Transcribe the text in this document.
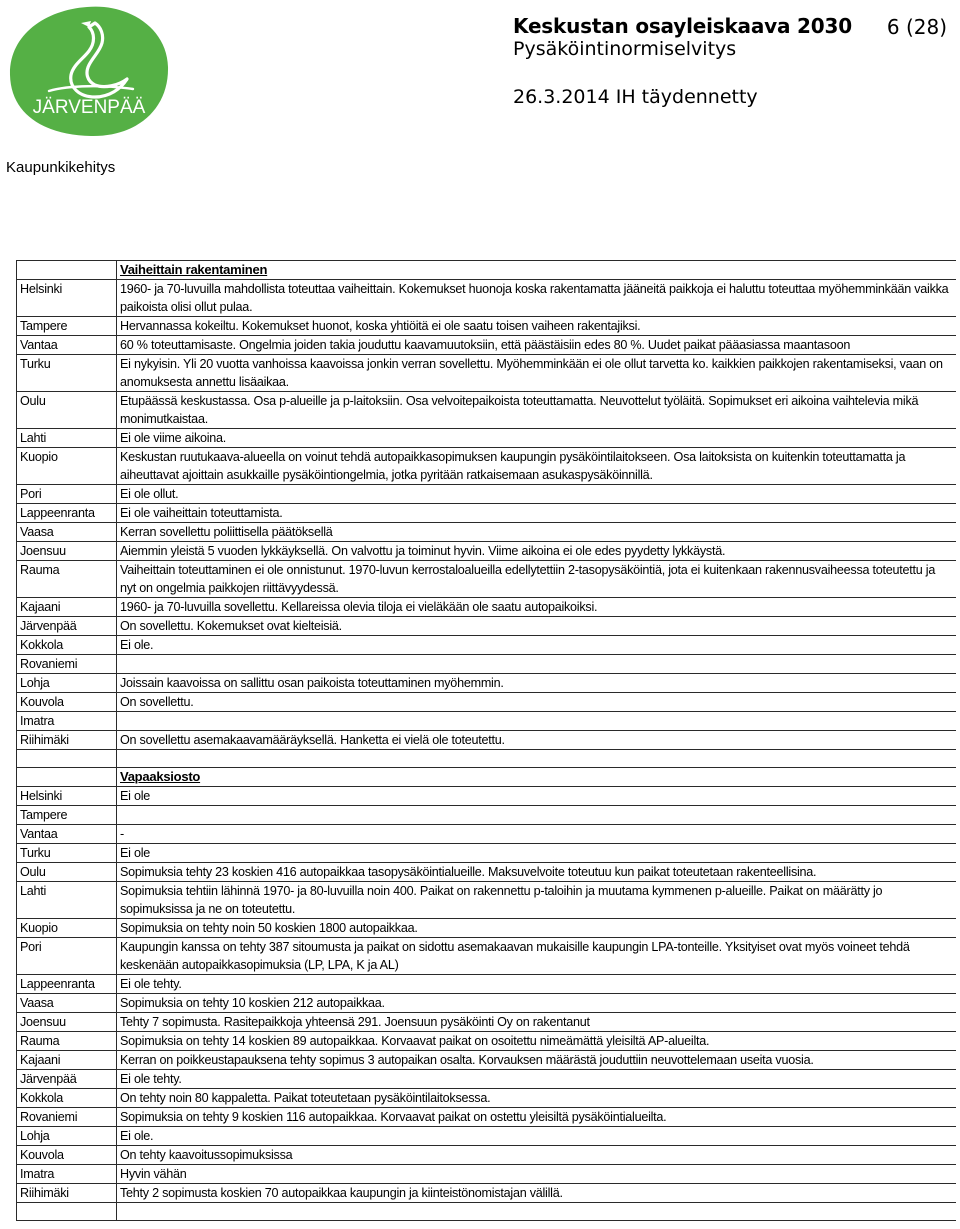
JÄRVENPÄÄ
Keskustan osayleiskaava 2030 6 (28)
Pysäköintinormiselvitys
26.3.2014 IH täydennetty
Kaupunkikehitys
	Vaiheittain rakentaminen
Helsinki	1960- ja 70-luvuilla mahdollista toteuttaa vaiheittain. Kokemukset huonoja koska rakentamatta jääneitä paikkoja ei haluttu toteuttaa myöhemminkään vaikka paikoista olisi ollut pulaa.
Tampere	Hervannassa kokeiltu. Kokemukset huonot, koska yhtiöitä ei ole saatu toisen vaiheen rakentajiksi.
Vantaa	60 % toteuttamisaste. Ongelmia joiden takia jouduttu kaavamuutoksiin, että päästäisiin edes 80 %. Uudet paikat pääasiassa maantasoon
Turku	Ei nykyisin. Yli 20 vuotta vanhoissa kaavoissa jonkin verran sovellettu. Myöhemminkään ei ole ollut tarvetta ko. kaikkien paikkojen rakentamiseksi, vaan on anomuksesta annettu lisäaikaa.
Oulu	Etupäässä keskustassa. Osa p-alueille ja p-laitoksiin. Osa velvoitepaikoista toteuttamatta. Neuvottelut työläitä. Sopimukset eri aikoina vaihtelevia mikä monimutkaistaa.
Lahti	Ei ole viime aikoina.
Kuopio	Keskustan ruutukaava-alueella on voinut tehdä autopaikkasopimuksen kaupungin pysäköintilaitokseen. Osa laitoksista on kuitenkin toteuttamatta ja aiheuttavat ajoittain asukkaille pysäköintiongelmia, jotka pyritään ratkaisemaan asukaspysäköinnillä.
Pori	Ei ole ollut.
Lappeenranta	Ei ole vaiheittain toteuttamista.
Vaasa	Kerran sovellettu poliittisella päätöksellä
Joensuu	Aiemmin yleistä 5 vuoden lykkäyksellä. On valvottu ja toiminut hyvin. Viime aikoina ei ole edes pyydetty lykkäystä.
Rauma	Vaiheittain toteuttaminen ei ole onnistunut. 1970-luvun kerrostaloalueilla edellytettiin 2-tasopysäköintiä, jota ei kuitenkaan rakennusvaiheessa toteutettu ja nyt on ongelmia paikkojen riittävyydessä.
Kajaani	1960- ja 70-luvuilla sovellettu. Kellareissa olevia tiloja ei vieläkään ole saatu autopaikoiksi.
Järvenpää	On sovellettu. Kokemukset ovat kielteisiä.
Kokkola	Ei ole.
Rovaniemi	
Lohja	Joissain kaavoissa on sallittu osan paikoista toteuttaminen myöhemmin.
Kouvola	On sovellettu.
Imatra	
Riihimäki	On sovellettu asemakaavamääräyksellä. Hanketta ei vielä ole toteutettu.

	Vapaaksiosto
Helsinki	Ei ole
Tampere	
Vantaa	-
Turku	Ei ole
Oulu	Sopimuksia tehty 23 koskien 416 autopaikkaa tasopysäköintialueille. Maksuvelvoite toteutuu kun paikat toteutetaan rakenteellisina.
Lahti	Sopimuksia tehtiin lähinnä 1970- ja 80-luvuilla noin 400. Paikat on rakennettu p-taloihin ja muutama kymmenen p-alueille. Paikat on määrätty jo sopimuksissa ja ne on toteutettu.
Kuopio	Sopimuksia on tehty noin 50 koskien 1800 autopaikkaa.
Pori	Kaupungin kanssa on tehty 387 sitoumusta ja paikat on sidottu asemakaavan mukaisille kaupungin LPA-tonteille. Yksityiset ovat myös voineet tehdä keskenään autopaikkasopimuksia (LP, LPA, K ja AL)
Lappeenranta	Ei ole tehty.
Vaasa	Sopimuksia on tehty 10 koskien 212 autopaikkaa.
Joensuu	Tehty 7 sopimusta. Rasitepaikkoja yhteensä 291. Joensuun pysäköinti Oy on rakentanut
Rauma	Sopimuksia on tehty 14 koskien 89 autopaikkaa. Korvaavat paikat on osoitettu nimeämättä yleisiltä AP-alueilta.
Kajaani	Kerran on poikkeustapauksena tehty sopimus 3 autopaikan osalta. Korvauksen määrästä jouduttiin neuvottelemaan useita vuosia.
Järvenpää	Ei ole tehty.
Kokkola	On tehty noin 80 kappaletta. Paikat toteutetaan pysäköintilaitoksessa.
Rovaniemi	Sopimuksia on tehty 9 koskien 116 autopaikkaa. Korvaavat paikat on ostettu yleisiltä pysäköintialueilta.
Lohja	Ei ole.
Kouvola	On tehty kaavoitussopimuksissa
Imatra	Hyvin vähän
Riihimäki	Tehty 2 sopimusta koskien 70 autopaikkaa kaupungin ja kiinteistönomistajan välillä.
